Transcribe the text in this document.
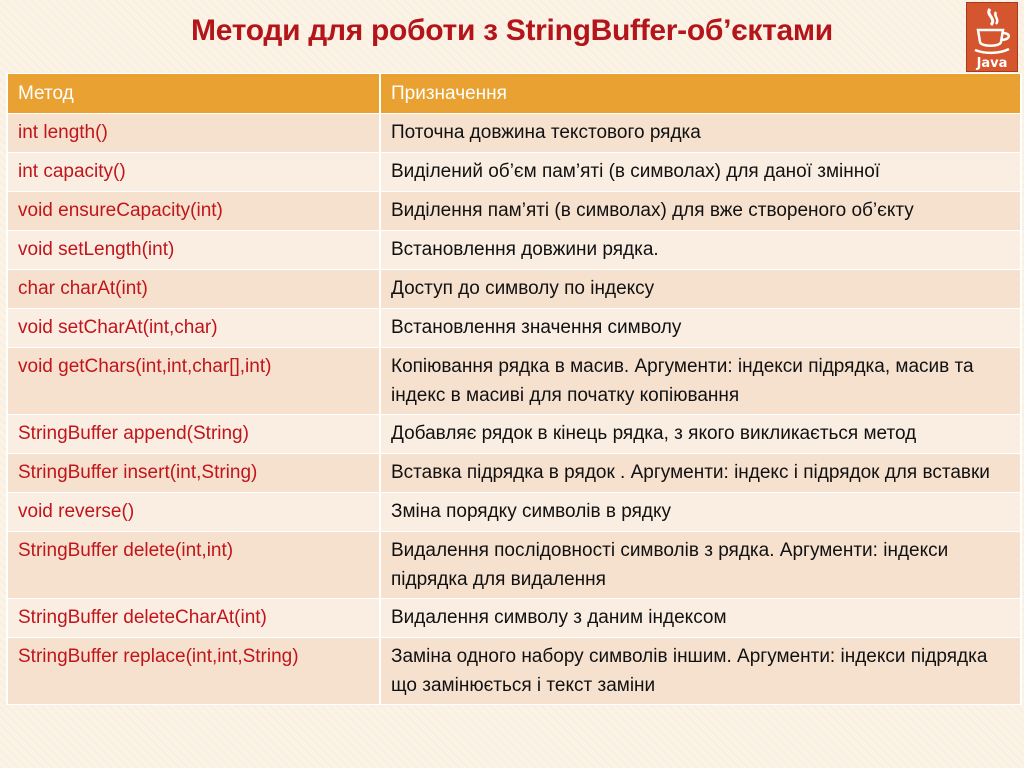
Методи для роботи з StringBuffer-об’єктами
Java
Метод	Призначення
int length()	Поточна довжина текстового рядка
int capacity()	Виділений об’єм пам’яті (в символах) для даної змінної
void ensureCapacity(int)	Виділення пам’яті (в символах) для вже створеного об’єкту
void setLength(int)	Встановлення довжини рядка.
char charAt(int)	Доступ до символу по індексу
void setCharAt(int,char)	Встановлення значення символу
void getChars(int,int,char[],int)	Копіювання рядка в масив. Аргументи: індекси підрядка, масив та індекс в масиві для початку копіювання
StringBuffer append(String)	Добавляє рядок в кінець рядка, з якого викликається метод
StringBuffer insert(int,String)	Вставка підрядка в рядок . Аргументи: індекс і підрядок для вставки
void reverse()	Зміна порядку символів в рядку
StringBuffer delete(int,int)	Видалення послідовності символів з рядка. Аргументи: індекси підрядка для видалення
StringBuffer deleteCharAt(int)	Видалення символу з даним індексом
StringBuffer replace(int,int,String)	Заміна одного набору символів іншим. Аргументи: індекси підрядка що замінюється і текст заміни
